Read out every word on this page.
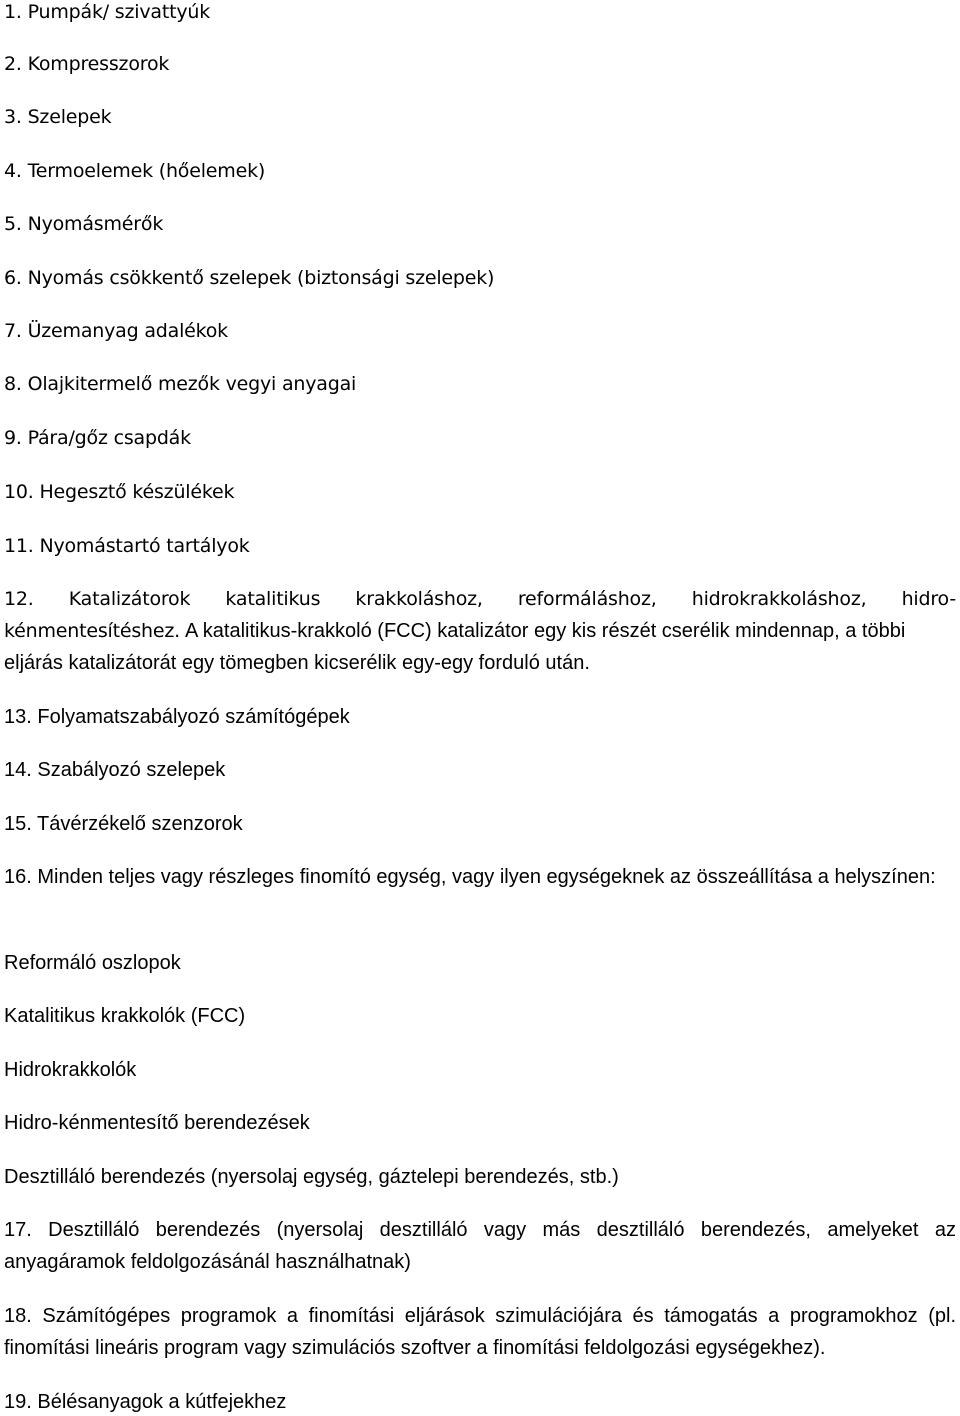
1. Pumpák/ szivattyúk
2. Kompresszorok
3. Szelepek
4. Termoelemek (hőelemek)
5. Nyomásmérők
6. Nyomás csökkentő szelepek (biztonsági szelepek)
7. Üzemanyag adalékok
8. Olajkitermelő mezők vegyi anyagai
9. Pára/gőz csapdák
10. Hegesztő készülékek
11. Nyomástartó tartályok
12. Katalizátorok katalitikus krakkoláshoz, reformáláshoz, hidrokrakkoláshoz, hidro-
kénmentesítéshez. A katalitikus-krakkoló (FCC) katalizátor egy kis részét cserélik mindennap, a többi
eljárás katalizátorát egy tömegben kicserélik egy-egy forduló után.
13. Folyamatszabályozó számítógépek
14. Szabályozó szelepek
15. Távérzékelő szenzorok
16. Minden teljes vagy részleges finomító egység, vagy ilyen egységeknek az összeállítása a helyszínen:
Reformáló oszlopok
Katalitikus krakkolók (FCC)
Hidrokrakkolók
Hidro-kénmentesítő berendezések
Desztilláló berendezés (nyersolaj egység, gáztelepi berendezés, stb.)
17. Desztilláló berendezés (nyersolaj desztilláló vagy más desztilláló berendezés, amelyeket az anyagáramok feldolgozásánál használhatnak)
18. Számítógépes programok a finomítási eljárások szimulációjára és támogatás a programokhoz (pl. finomítási lineáris program vagy szimulációs szoftver a finomítási feldolgozási egységekhez).
19. Bélésanyagok a kútfejekhez
